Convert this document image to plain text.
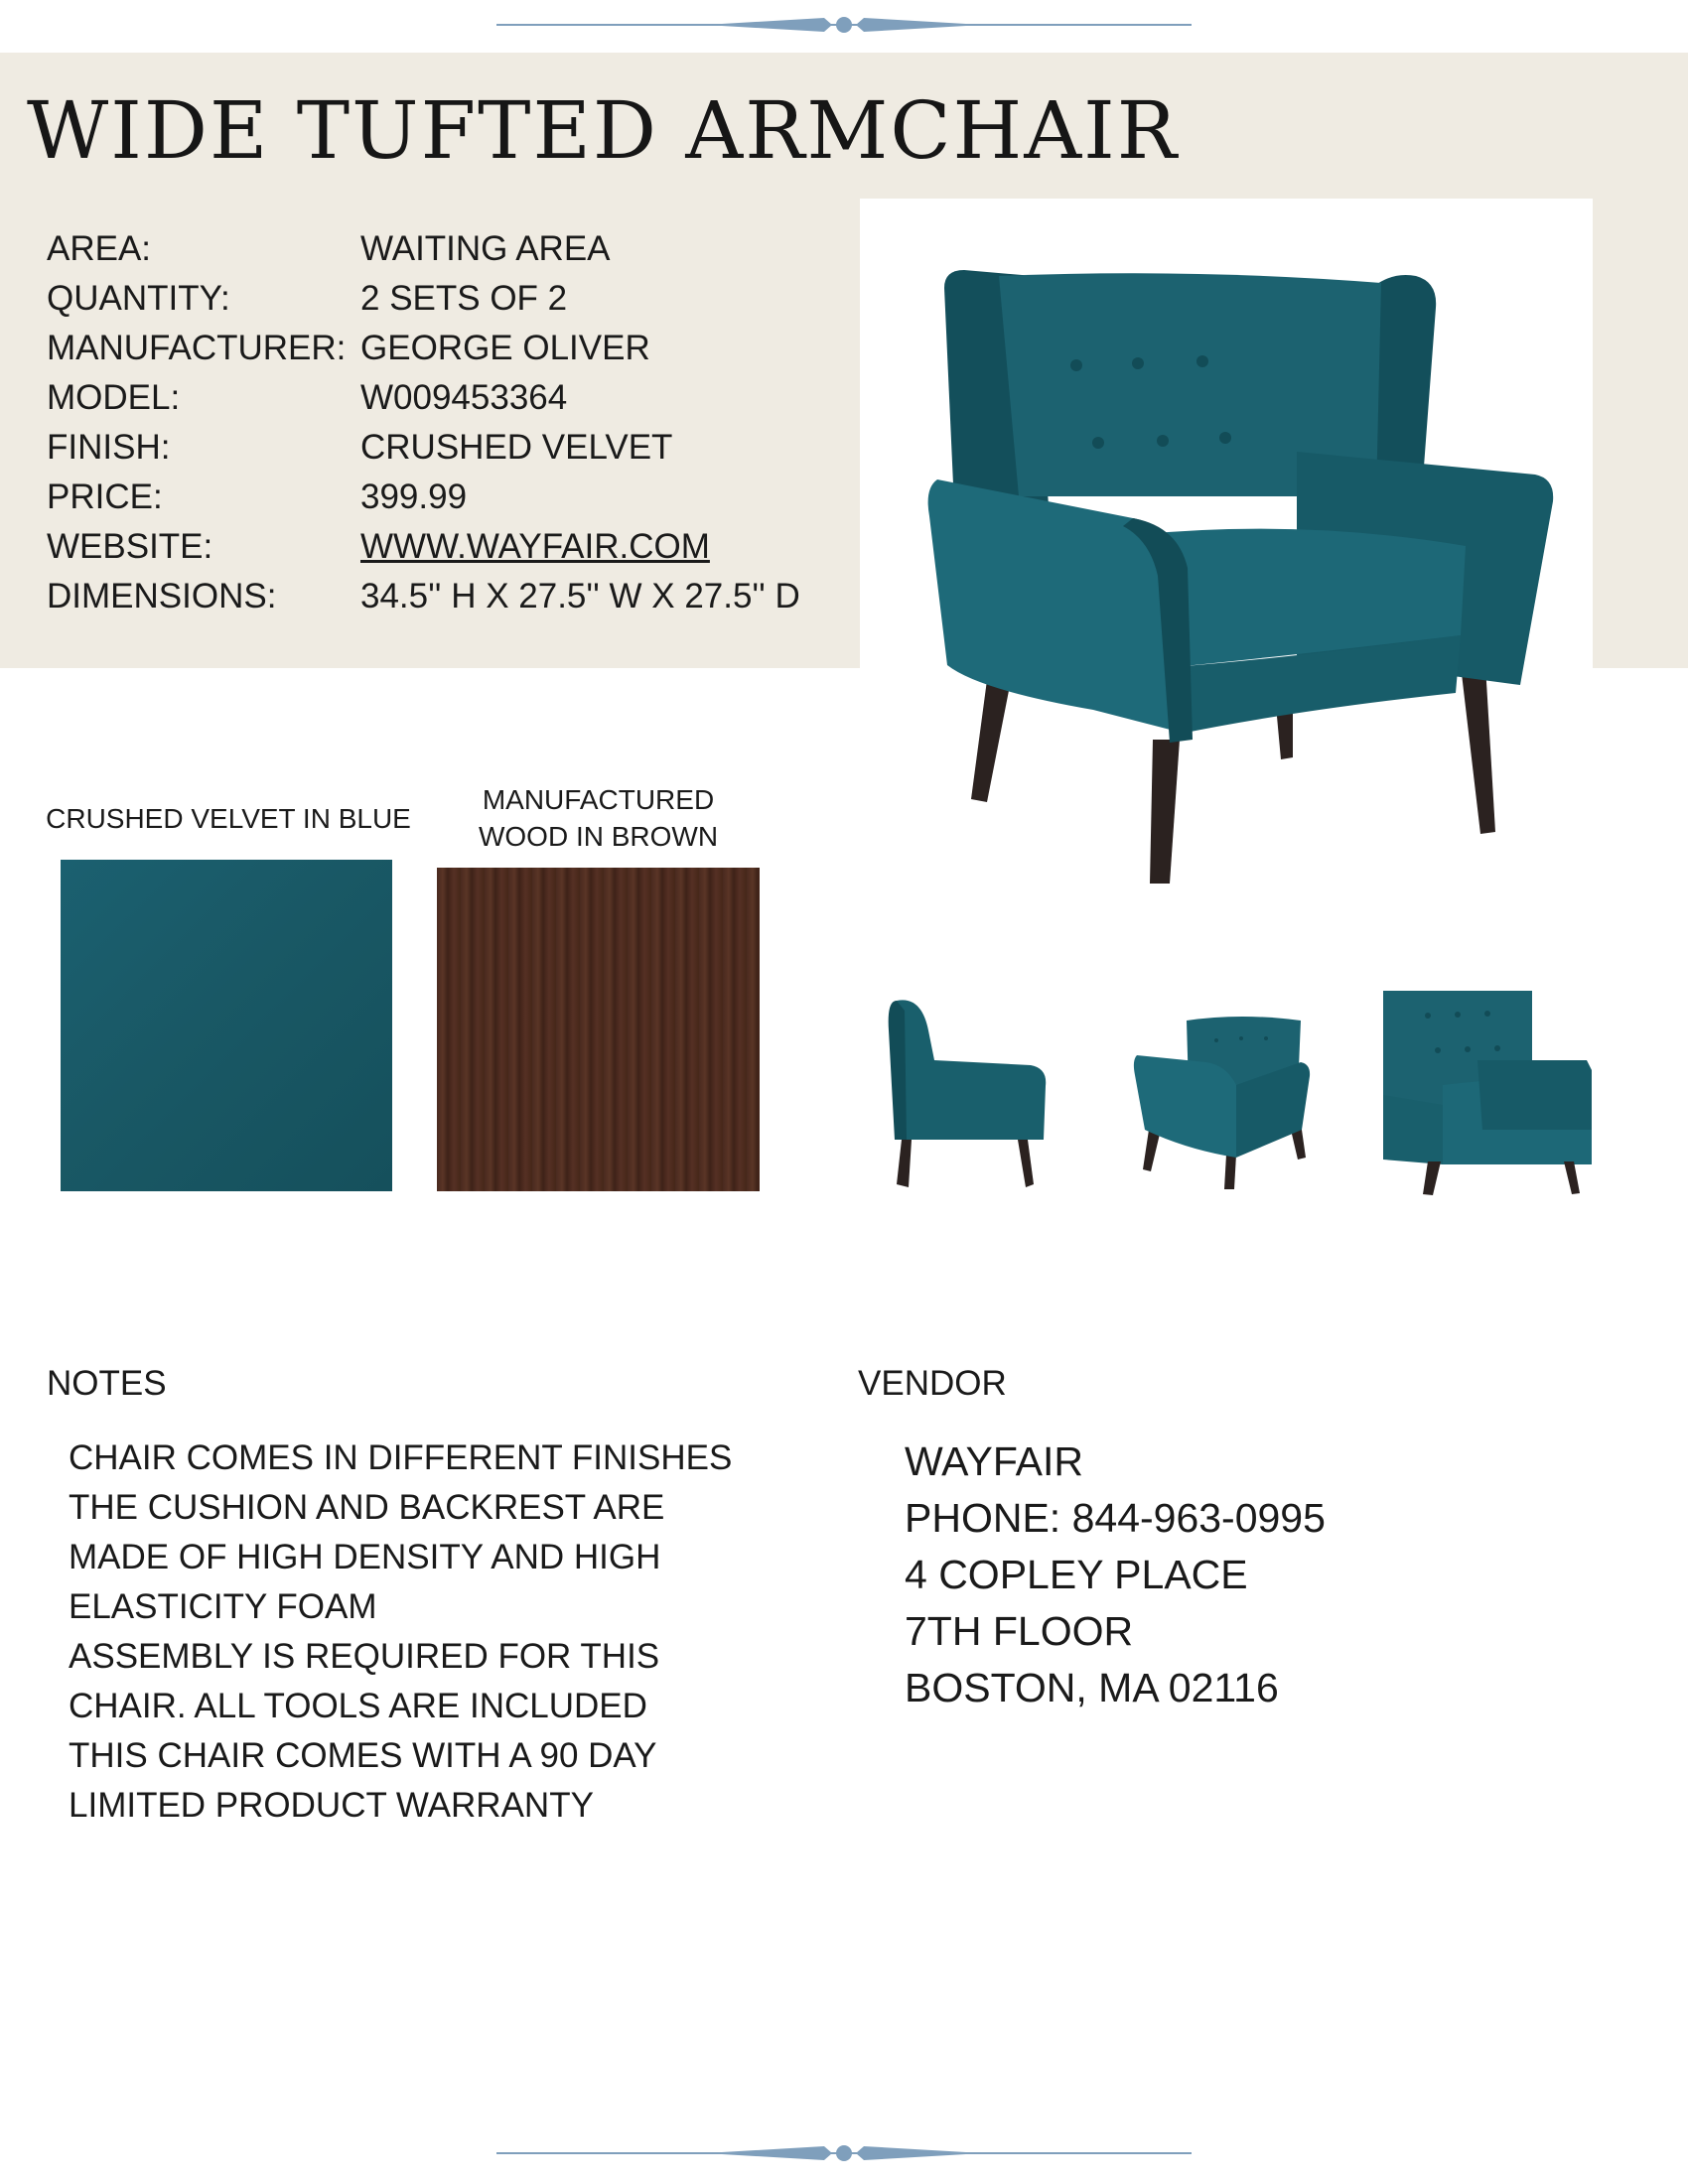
WIDE TUFTED ARMCHAIR
AREA:	WAITING AREA
QUANTITY:	2 SETS OF 2
MANUFACTURER: GEORGE OLIVER
MODEL:	W009453364
FINISH:	CRUSHED VELVET
PRICE:	399.99
WEBSITE:	WWW.WAYFAIR.COM
DIMENSIONS:	34.5'' H X 27.5'' W X 27.5'' D
CRUSHED VELVET IN BLUE
MANUFACTURED
WOOD IN BROWN
NOTES
CHAIR COMES IN DIFFERENT FINISHES
THE CUSHION AND BACKREST ARE
MADE OF HIGH DENSITY AND HIGH
ELASTICITY FOAM
ASSEMBLY IS REQUIRED FOR THIS
CHAIR. ALL TOOLS ARE INCLUDED
THIS CHAIR COMES WITH A 90 DAY
LIMITED PRODUCT WARRANTY
VENDOR
WAYFAIR
PHONE: 844-963-0995
4 COPLEY PLACE
7TH FLOOR
BOSTON, MA 02116
